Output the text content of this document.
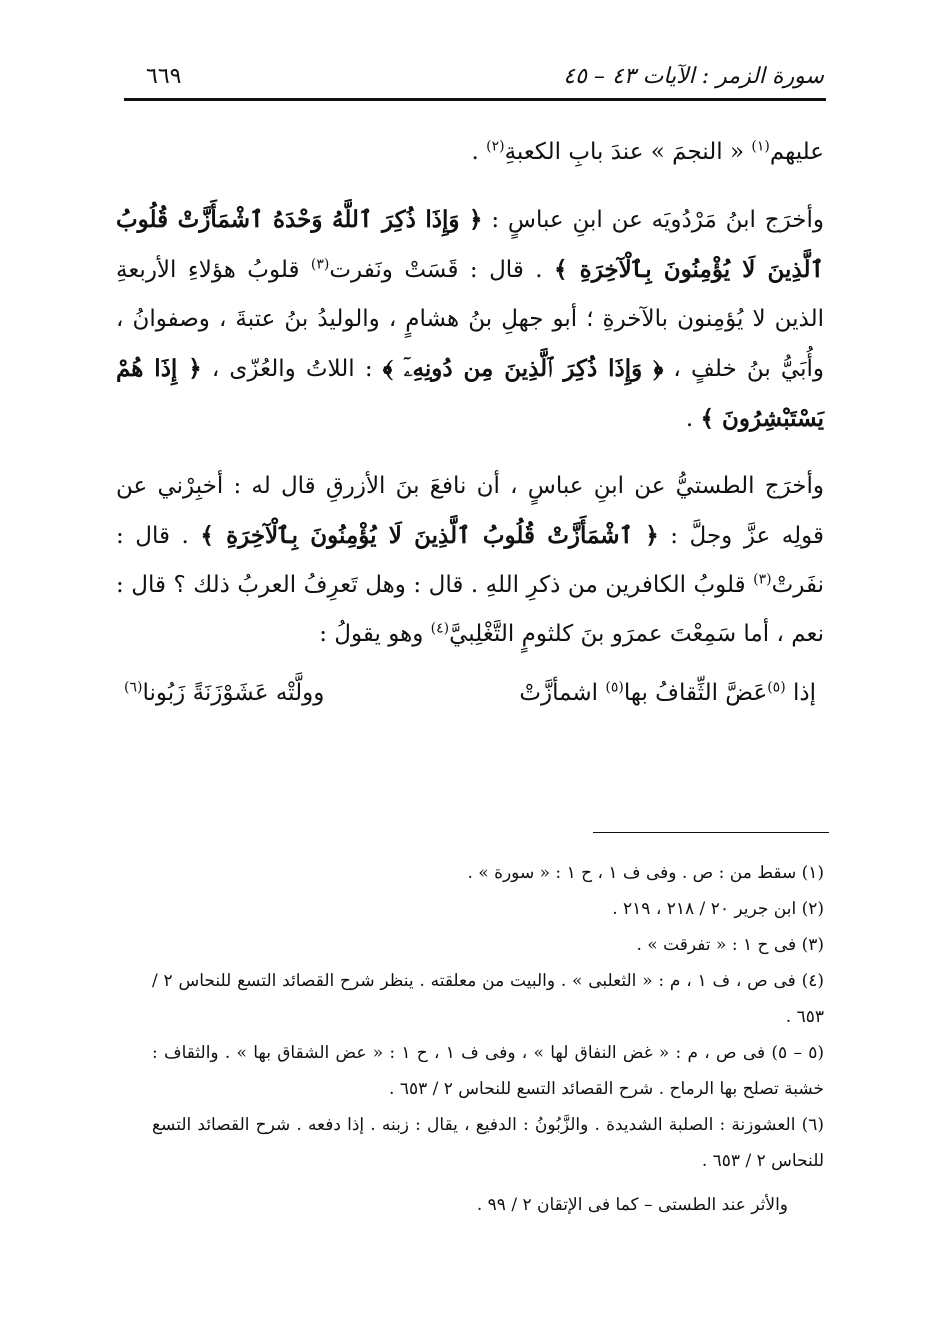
سورة الزمر : الآيات ٤٣ – ٤٥
٦٦٩

عليهم$^{(١)}$ « النجمَ » عندَ بابِ الكعبةِ$^{(٢)}$ .

وأخرَج ابنُ مَرْدُويَه عن ابنِ عباسٍ : ﴿ وَإِذَا ذُكِرَ ٱللَّهُ وَحْدَهُ ٱشْمَأَزَّتْ قُلُوبُ ٱلَّذِينَ لَا يُؤْمِنُونَ بِٱلْآخِرَةِ ﴾ . قال : قَسَتْ ونَفرت$^{(٣)}$ قلوبُ هؤلاءِ الأربعةِ الذين لا يُؤمِنون بالآخرةِ ؛ أبو جهلِ بنُ هشامٍ ، والوليدُ بنُ عتبةَ ، وصفوانُ ، وأُبَيُّ بنُ خلفٍ ، ﴿ وَإِذَا ذُكِرَ ٱلَّذِينَ مِن دُونِهِۦٓ ﴾ : اللاتُ والعُزّى ، ﴿ إِذَا هُمْ يَسْتَبْشِرُونَ ﴾ .

وأخرَج الطستيُّ عن ابنِ عباسٍ ، أن نافعَ بنَ الأزرقِ قال له : أخبِرْني عن قولِه عزَّ وجلَّ : ﴿ ٱشْمَأَزَّتْ قُلُوبُ ٱلَّذِينَ لَا يُؤْمِنُونَ بِٱلْآخِرَةِ ﴾ . قال : نفَرتْ$^{(٣)}$ قلوبُ الكافرين من ذكرِ اللهِ . قال : وهل تَعرِفُ العربُ ذلك ؟ قال : نعم ، أما سَمِعْتَ عمرَو بنَ كلثومٍ التَّغْلِبيَّ$^{(٤)}$ وهو يقولُ :

إذا $^{(٥)}$عَضَّ الثِّقافُ بها$^{(٥)}$ اشمأزَّتْ
وولَّتْه عَشَوْزَنَةً زَبُونا$^{(٦)}$

(١) سقط من : ص . وفى ف ١ ، ح ١ : « سورة » .

(٢) ابن جرير ٢٠ / ٢١٨ ، ٢١٩ .

(٣) فى ح ١ : « تفرقت » .

(٤) فى ص ، ف ١ ، م : « الثعلبى » . والبيت من معلقته . ينظر شرح القصائد التسع للنحاس ٢ / ٦٥٣ .

(٥ – ٥) فى ص ، م : « غض النفاق لها » ، وفى ف ١ ، ح ١ : « عض الشقاق بها » . والثقاف : خشبة تصلح بها الرماح . شرح القصائد التسع للنحاس ٢ / ٦٥٣ .

(٦) العشوزنة : الصلبة الشديدة . والزَّبُونُ : الدفيع ، يقال : زبنه . إذا دفعه . شرح القصائد التسع للنحاس ٢ / ٦٥٣ .

والأثر عند الطستى – كما فى الإتقان ٢ / ٩٩ .
